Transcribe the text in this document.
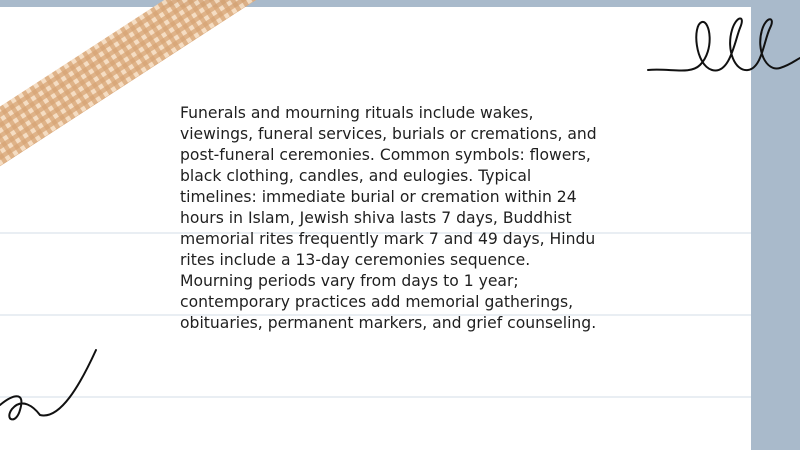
Funerals and mourning rituals include wakes,
viewings, funeral services, burials or cremations, and
post-funeral ceremonies. Common symbols: flowers,
black clothing, candles, and eulogies. Typical
timelines: immediate burial or cremation within 24
hours in Islam, Jewish shiva lasts 7 days, Buddhist
memorial rites frequently mark 7 and 49 days, Hindu
rites include a 13-day ceremonies sequence.
Mourning periods vary from days to 1 year;
contemporary practices add memorial gatherings,
obituaries, permanent markers, and grief counseling.
